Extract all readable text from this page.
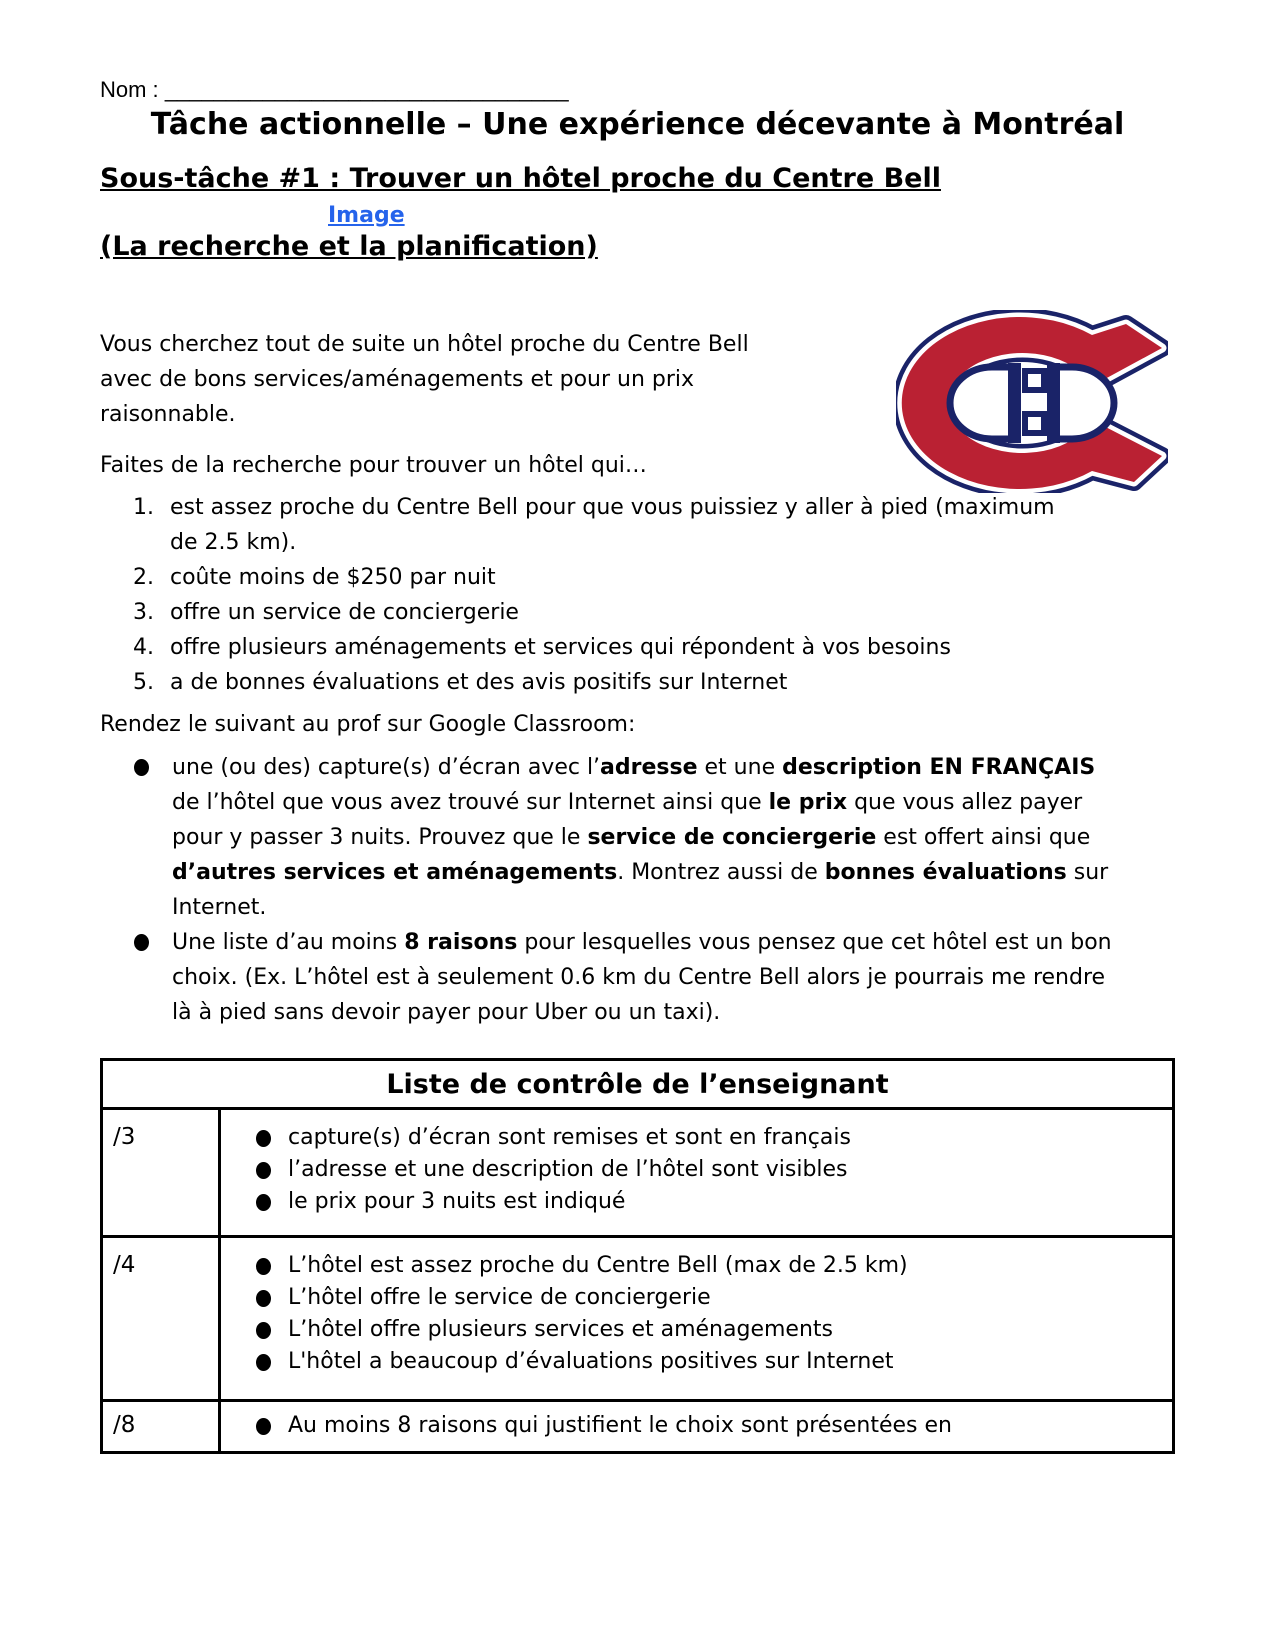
Nom : _________________________________

Tâche actionnelle – Une expérience décevante à Montréal
Sous-tâche #1 : Trouver un hôtel proche du Centre Bell

Image

(La recherche et la planification)

Vous cherchez tout de suite un hôtel proche du Centre Bell avec de bons services/aménagements et pour un prix raisonnable.

Faites de la recherche pour trouver un hôtel qui…

est assez proche du Centre Bell pour que vous puissiez y aller à pied (maximum de 2.5 km).
coûte moins de $250 par nuit
offre un service de conciergerie
offre plusieurs aménagements et services qui répondent à vos besoins
a de bonnes évaluations et des avis positifs sur Internet

Rendez le suivant au prof sur Google Classroom:

une (ou des) capture(s) d’écran avec l’adresse et une description EN FRANÇAIS de l’hôtel que vous avez trouvé sur Internet ainsi que le prix que vous allez payer pour y passer 3 nuits. Prouvez que le service de conciergerie est offert ainsi que d’autres services et aménagements. Montrez aussi de bonnes évaluations sur Internet.
Une liste d’au moins 8 raisons pour lesquelles vous pensez que cet hôtel est un bon choix. (Ex. L’hôtel est à seulement 0.6 km du Centre Bell alors je pourrais me rendre là à pied sans devoir payer pour Uber ou un taxi).
Liste de contrôle de l’enseignant	
/3	capture(s) d’écran sont remises et sont en français
l’adresse et une description de l’hôtel sont visibles
le prix pour 3 nuits est indiqué

/4	L’hôtel est assez proche du Centre Bell (max de 2.5 km)
L’hôtel offre le service de conciergerie
L’hôtel offre plusieurs services et aménagements
L'hôtel a beaucoup d’évaluations positives sur Internet

/8	Au moins 8 raisons qui justifient le choix sont présentées en
